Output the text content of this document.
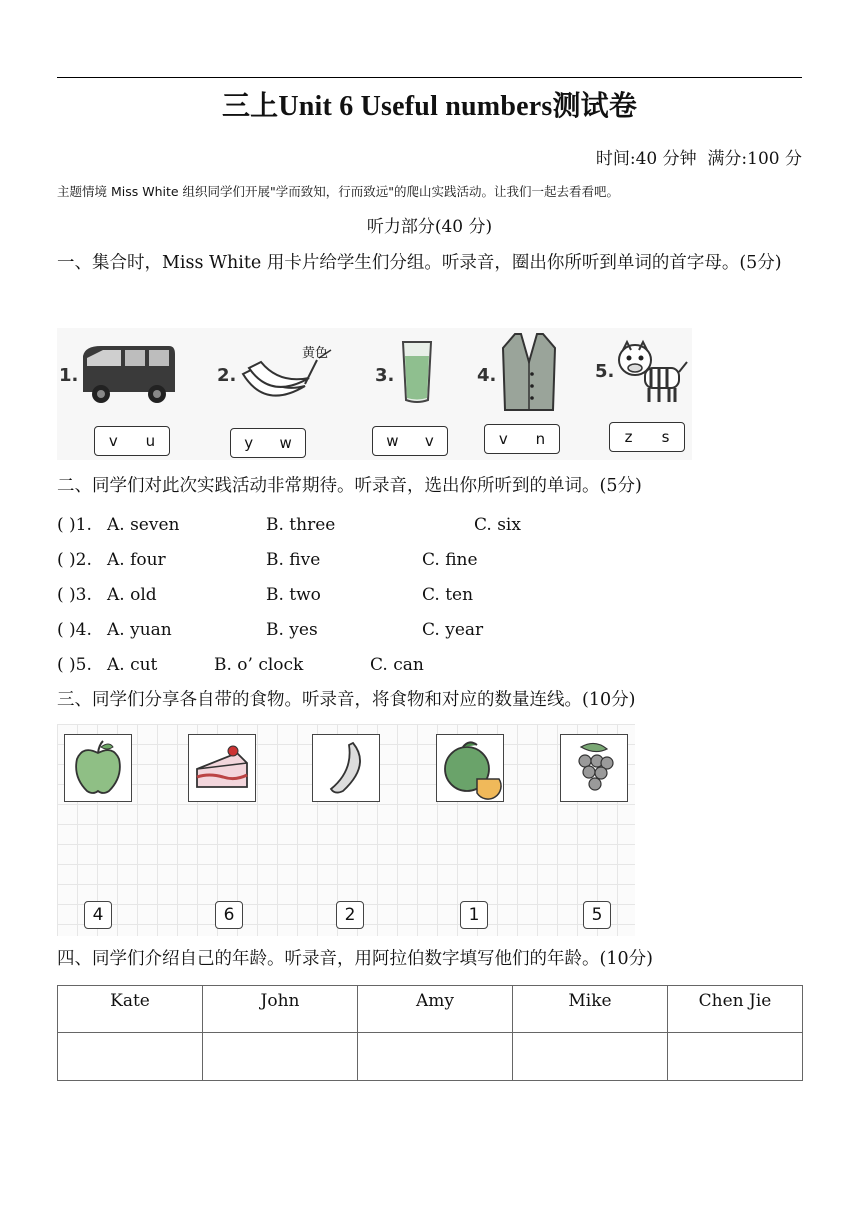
三上Unit 6 Useful numbers测试卷
时间:40 分钟  满分:100 分
主题情境 Miss White 组织同学们开展"学而致知，行而致远"的爬山实践活动。让我们一起去看看吧。
听力部分(40 分)
一、集合时，Miss White 用卡片给学生们分组。听录音，圈出你所听到单词的首字母。(5分)
1.
v u
2.
黄色
y w
3.
w v
4.
v n
5.
z s
二、同学们对此次实践活动非常期待。听录音，选出你所听到的单词。(5分)
( )1. A. seven	B. three	C. six
( )2. A. four	B. five	C. fine
( )3. A. old	B. two	C. ten
( )4. A. yuan	B. yes	C. year
( )5. A. cut	B. o’ clock	C. can
三、同学们分享各自带的食物。听录音，将食物和对应的数量连线。(10分)
4	6	2	1	5
四、同学们介绍自己的年龄。听录音，用阿拉伯数字填写他们的年龄。(10分)
Kate	John	Amy	Mike	Chen Jie
